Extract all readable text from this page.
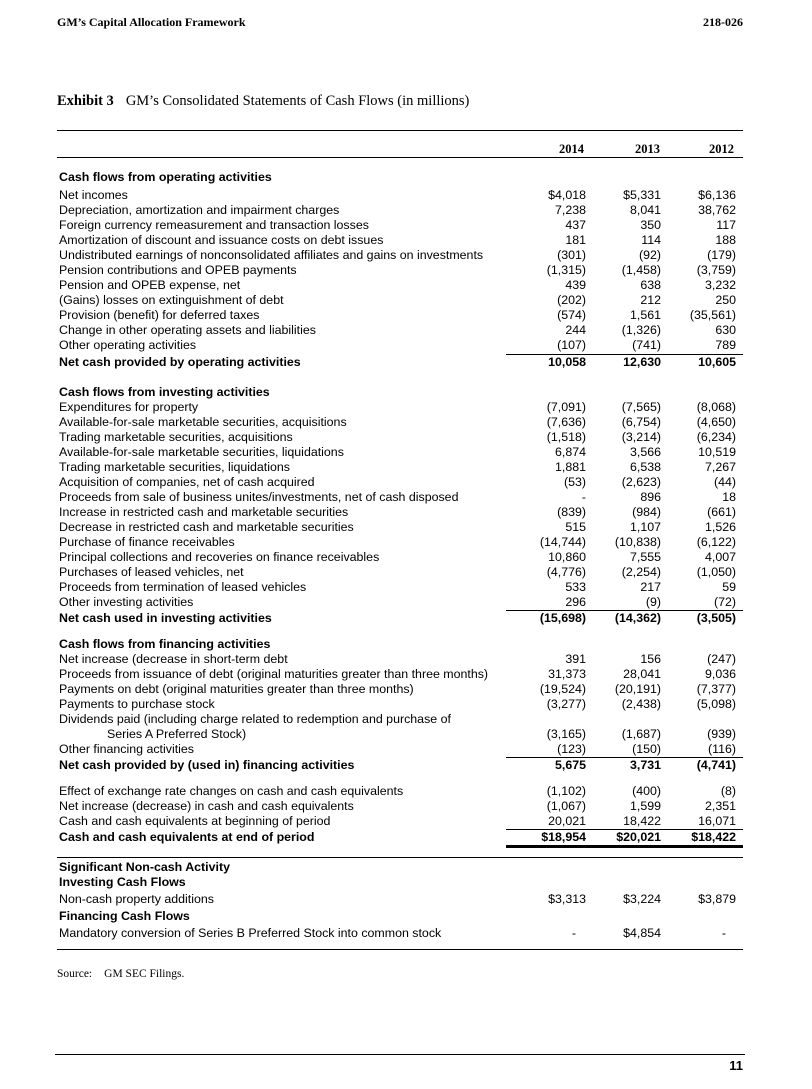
GM’s Capital Allocation Framework	218-026
Exhibit 3 GM’s Consolidated Statements of Cash Flows (in millions)
2014	2013	2012
Cash flows from operating activities
Net incomes	$4,018	$5,331	$6,136
Depreciation, amortization and impairment charges	7,238	8,041	38,762
Foreign currency remeasurement and transaction losses	437	350	117
Amortization of discount and issuance costs on debt issues	181	114	188
Undistributed earnings of nonconsolidated affiliates and gains on investments	(301)	(92)	(179)
Pension contributions and OPEB payments	(1,315)	(1,458)	(3,759)
Pension and OPEB expense, net	439	638	3,232
(Gains) losses on extinguishment of debt	(202)	212	250
Provision (benefit) for deferred taxes	(574)	1,561	(35,561)
Change in other operating assets and liabilities	244	(1,326)	630
Other operating activities	(107)	(741)	789
Net cash provided by operating activities	10,058	12,630	10,605
Cash flows from investing activities
Expenditures for property	(7,091)	(7,565)	(8,068)
Available-for-sale marketable securities, acquisitions	(7,636)	(6,754)	(4,650)
Trading marketable securities, acquisitions	(1,518)	(3,214)	(6,234)
Available-for-sale marketable securities, liquidations	6,874	3,566	10,519
Trading marketable securities, liquidations	1,881	6,538	7,267
Acquisition of companies, net of cash acquired	(53)	(2,623)	(44)
Proceeds from sale of business unites/investments, net of cash disposed	-	896	18
Increase in restricted cash and marketable securities	(839)	(984)	(661)
Decrease in restricted cash and marketable securities	515	1,107	1,526
Purchase of finance receivables	(14,744)	(10,838)	(6,122)
Principal collections and recoveries on finance receivables	10,860	7,555	4,007
Purchases of leased vehicles, net	(4,776)	(2,254)	(1,050)
Proceeds from termination of leased vehicles	533	217	59
Other investing activities	296	(9)	(72)
Net cash used in investing activities	(15,698)	(14,362)	(3,505)
Cash flows from financing activities
Net increase (decrease in short-term debt	391	156	(247)
Proceeds from issuance of debt (original maturities greater than three months)	31,373	28,041	9,036
Payments on debt (original maturities greater than three months)	(19,524)	(20,191)	(7,377)
Payments to purchase stock	(3,277)	(2,438)	(5,098)
Dividends paid (including charge related to redemption and purchase of
Series A Preferred Stock)	(3,165)	(1,687)	(939)
Other financing activities	(123)	(150)	(116)
Net cash provided by (used in) financing activities	5,675	3,731	(4,741)
Effect of exchange rate changes on cash and cash equivalents	(1,102)	(400)	(8)
Net increase (decrease) in cash and cash equivalents	(1,067)	1,599	2,351
Cash and cash equivalents at beginning of period	20,021	18,422	16,071
Cash and cash equivalents at end of period	$18,954	$20,021	$18,422
Significant Non-cash Activity
Investing Cash Flows
Non-cash property additions	$3,313	$3,224	$3,879
Financing Cash Flows
Mandatory conversion of Series B Preferred Stock into common stock	-	$4,854	-
Source: GM SEC Filings.
11
